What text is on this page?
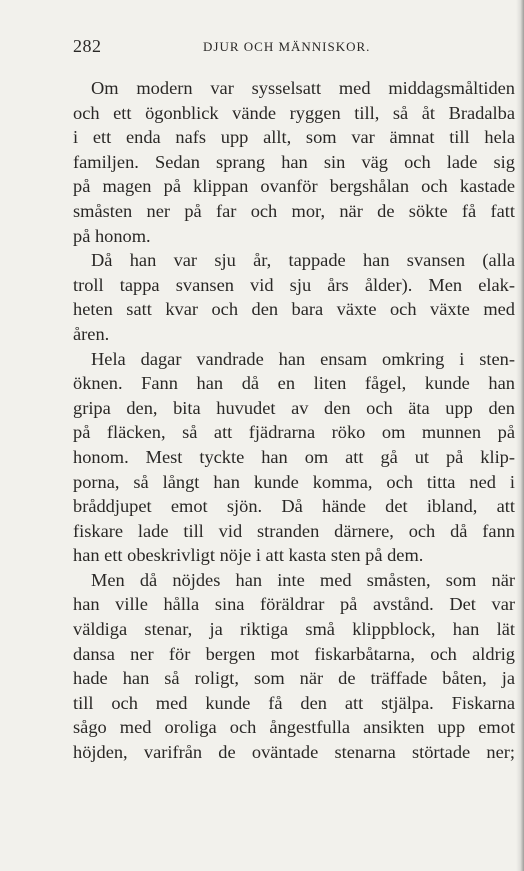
282	DJUR OCH MÄNNISKOR.
Om modern var sysselsatt med middagsmåltiden
och ett ögonblick vände ryggen till, så åt Bradalba
i ett enda nafs upp allt, som var ämnat till hela
familjen. Sedan sprang han sin väg och lade sig
på magen på klippan ovanför bergshålan och kastade
småsten ner på far och mor, när de sökte få fatt
på honom.
Då han var sju år, tappade han svansen (alla
troll tappa svansen vid sju års ålder). Men elak-
heten satt kvar och den bara växte och växte med
åren.
Hela dagar vandrade han ensam omkring i sten-
öknen. Fann han då en liten fågel, kunde han
gripa den, bita huvudet av den och äta upp den
på fläcken, så att fjädrarna röko om munnen på
honom. Mest tyckte han om att gå ut på klip-
porna, så långt han kunde komma, och titta ned i
bråddjupet emot sjön. Då hände det ibland, att
fiskare lade till vid stranden därnere, och då fann
han ett obeskrivligt nöje i att kasta sten på dem.
Men då nöjdes han inte med småsten, som när
han ville hålla sina föräldrar på avstånd. Det var
väldiga stenar, ja riktiga små klippblock, han lät
dansa ner för bergen mot fiskarbåtarna, och aldrig
hade han så roligt, som när de träffade båten, ja
till och med kunde få den att stjälpa. Fiskarna
sågo med oroliga och ångestfulla ansikten upp emot
höjden, varifrån de oväntade stenarna störtade ner;
